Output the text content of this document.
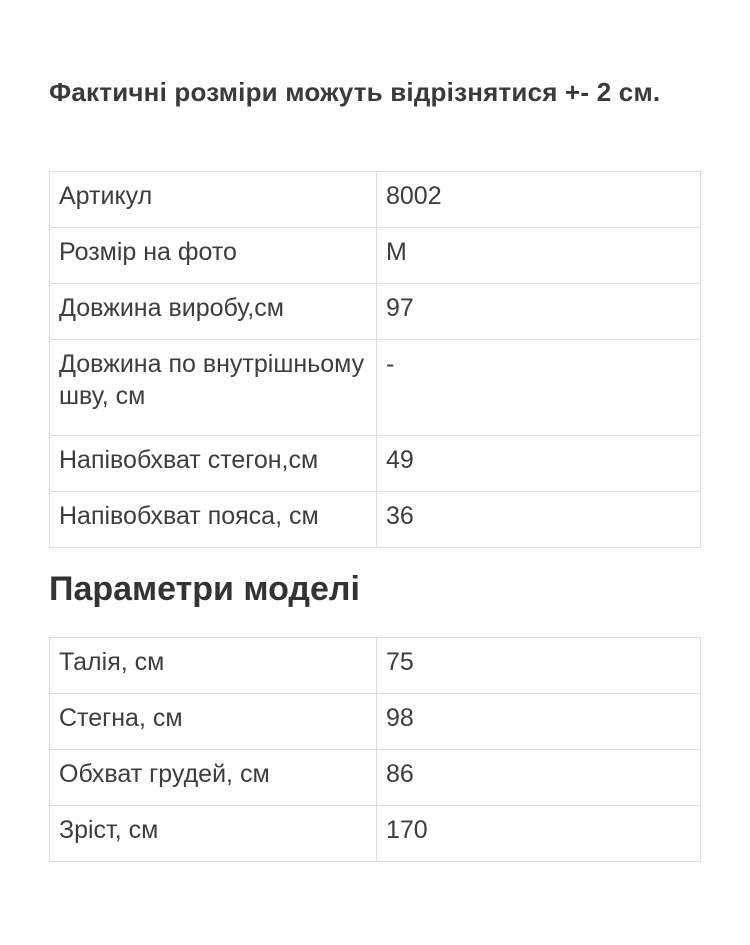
Фактичні розміри можуть відрізнятися +- 2 см.
Артикул	8002
Розмір на фото	M
Довжина виробу,см	97
Довжина по внутрішньому шву, см	-
Напівобхват стегон,см	49
Напівобхват пояса, см	36
Параметри моделі
Талія, см	75
Стегна, см	98
Обхват грудей, см	86
Зріст, см	170
